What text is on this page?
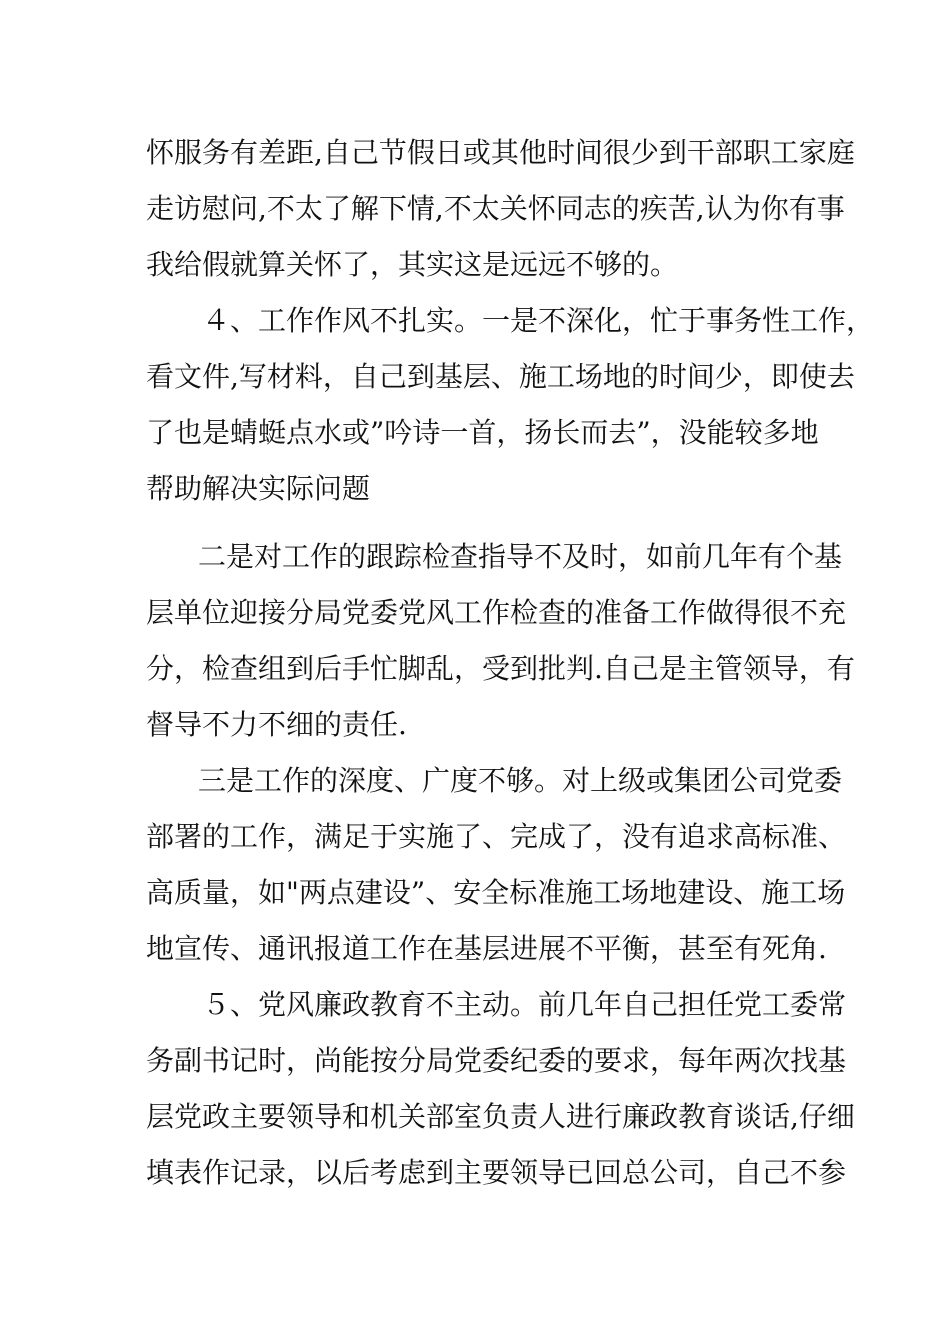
怀服务有差距,自己节假日或其他时间很少到干部职工家庭
走访慰问,不太了解下情,不太关怀同志的疾苦,认为你有事
我给假就算关怀了，其实这是远远不够的。
４、工作作风不扎实。一是不深化，忙于事务性工作，
看文件,写材料，自己到基层、施工场地的时间少，即使去
了也是蜻蜓点水或”吟诗一首，扬长而去”，没能较多地
帮助解决实际问题
二是对工作的跟踪检查指导不及时，如前几年有个基
层单位迎接分局党委党风工作检查的准备工作做得很不充
分，检查组到后手忙脚乱，受到批判.自己是主管领导，有
督导不力不细的责任.
三是工作的深度、广度不够。对上级或集团公司党委
部署的工作，满足于实施了、完成了，没有追求高标准、
高质量，如"两点建设”、安全标准施工场地建设、施工场
地宣传、通讯报道工作在基层进展不平衡，甚至有死角.
５、党风廉政教育不主动。前几年自己担任党工委常
务副书记时，尚能按分局党委纪委的要求，每年两次找基
层党政主要领导和机关部室负责人进行廉政教育谈话,仔细
填表作记录，以后考虑到主要领导已回总公司，自己不参
